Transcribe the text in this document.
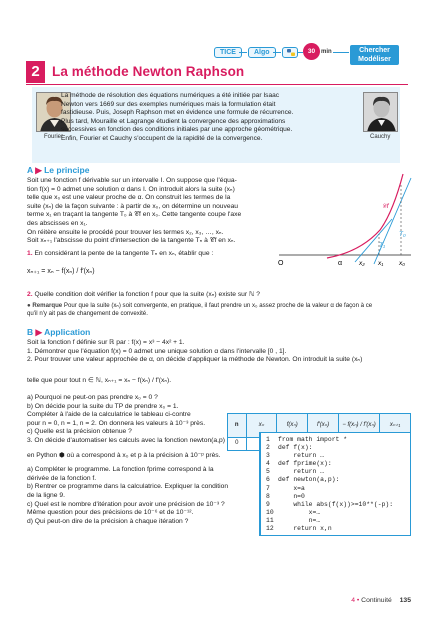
TICE	Algo	30 min	Chercher
Modéliser
2 La méthode Newton Raphson
Fourier	Cauchy
La méthode de résolution des équations numériques a été initiée par Isaac
Newton vers 1669 sur des exemples numériques mais la formulation était
fastidieuse. Puis, Joseph Raphson met en évidence une formule de récurrence.
Plus tard, Mouraille et Lagrange étudient la convergence des approximations
successives en fonction des conditions initiales par une approche géométrique.
Enfin, Fourier et Cauchy s'occupent de la rapidité de la convergence.
A ▶ Le principe
Soit une fonction f dérivable sur un intervalle I. On suppose que l'équa-
tion f(x) = 0 admet une solution α dans I. On introduit alors la suite (xₙ)
telle que x₀ est une valeur proche de α. On construit les termes de la
suite (xₙ) de la façon suivante : à partir de x₀, on détermine un nouveau
terme x₁ en traçant la tangente T₀ à 𝒞f en x₀. Cette tangente coupe l'axe
des abscisses en x₁.
On réitère ensuite le procédé pour trouver les termes x₂, x₃, …, xₙ.
Soit xₙ₊₁ l'abscisse du point d'intersection de la tangente Tₙ à 𝒞f en xₙ.
O	α	x₂ x₁ x₀
T₀
T₁
𝒞f
1. En considérant la pente de la tangente Tₙ en xₙ, établir que :
xₙ₊₁ = xₙ − f(xₙ) / f′(xₙ)
2. Quelle condition doit vérifier la fonction f pour que la suite (xₙ) existe sur ℕ ?
● Remarque Pour que la suite (xₙ) soit convergente, en pratique, il faut prendre un x₀ assez proche de la valeur α de façon à ce
qu'il n'y ait pas de changement de convexité.
B ▶ Application
Soit la fonction f définie sur ℝ par : f(x) = x³ − 4x² + 1.
1. Démontrer que l'équation f(x) = 0 admet une unique solution α dans l'intervalle [0 , 1].
2. Pour trouver une valeur approchée de α, on décide d'appliquer la méthode de Newton. On introduit la suite (xₙ)
telle que pour tout n ∈ ℕ, xₙ₊₁ = xₙ − f(xₙ) / f′(xₙ).
a) Pourquoi ne peut-on pas prendre x₀ = 0 ?
b) On décide pour la suite du TP de prendre x₀ = 1.
Compléter à l'aide de la calculatrice le tableau ci-contre
pour n = 0, n = 1, n = 2. On donnera les valeurs à 10⁻³ près.
c) Quelle est la précision obtenue ?
3. On décide d'automatiser les calculs avec la fonction newton(a,p)
en Python ⬢ où a correspond à x₀ et p à la précision à 10⁻ᵖ près.
a) Compléter le programme. La fonction fprime correspond à la
dérivée de la fonction f.
b) Rentrer ce programme dans la calculatrice. Expliquer la condition
de la ligne 9.
c) Quel est le nombre d'itération pour avoir une précision de 10⁻³ ?
Même question pour des précisions de 10⁻⁶ et de 10⁻¹².
d) Qui peut-on dire de la précision à chaque itération ?
n	xₙ	f(xₙ)	f′(xₙ)	− f(xₙ) / f′(xₙ)	xₙ₊₁
0					
1 from math import *
2 def f(x):
3    return …
4 def fprime(x):
5    return …
6 def newton(a,p):
7    x=a
8    n=0
9    while abs(f(x))>=10**(-p):
10        x=…
11        n=…
12    return x,n
4 • Continuité 135
